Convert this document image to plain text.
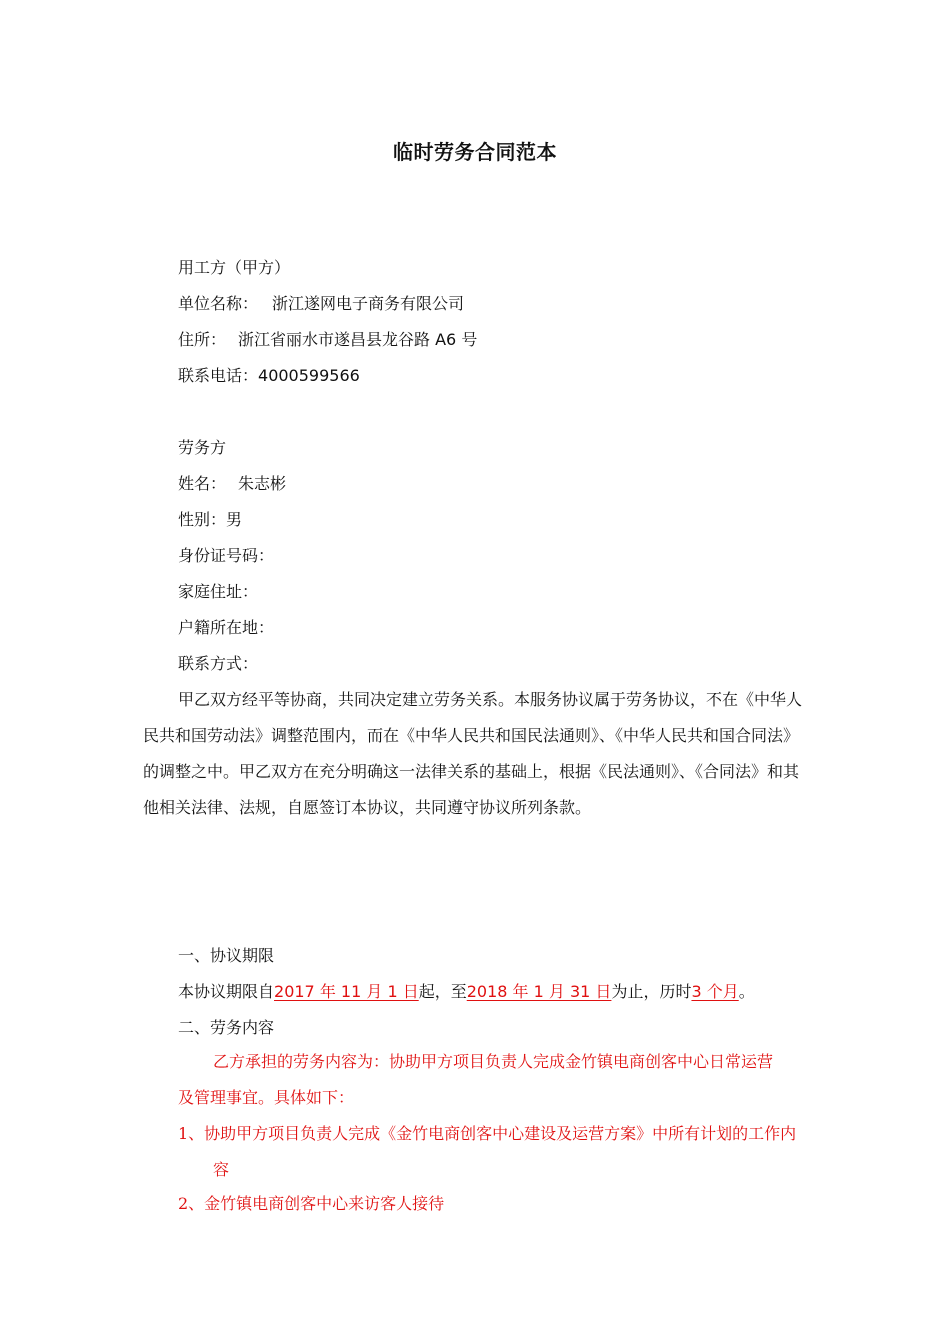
临时劳务合同范本
用工方（甲方）
单位名称： 浙江遂网电子商务有限公司
住所： 浙江省丽水市遂昌县龙谷路 A6 号
联系电话：4000599566
劳务方
姓名： 朱志彬
性别：男
身份证号码：
家庭住址：
户籍所在地：
联系方式：
甲乙双方经平等协商，共同决定建立劳务关系。本服务协议属于劳务协议，不在《中华人
民共和国劳动法》调整范围内，而在《中华人民共和国民法通则》、《中华人民共和国合同法》
的调整之中。甲乙双方在充分明确这一法律关系的基础上，根据《民法通则》、《合同法》和其
他相关法律、法规，自愿签订本协议，共同遵守协议所列条款。
一、协议期限
本协议期限自2017 年 11 月 1 日起，至2018 年 1 月 31 日为止，历时3 个月。
二、劳务内容
乙方承担的劳务内容为：协助甲方项目负责人完成金竹镇电商创客中心日常运营
及管理事宜。具体如下：
1、协助甲方项目负责人完成《金竹电商创客中心建设及运营方案》中所有计划的工作内
容
2、金竹镇电商创客中心来访客人接待
